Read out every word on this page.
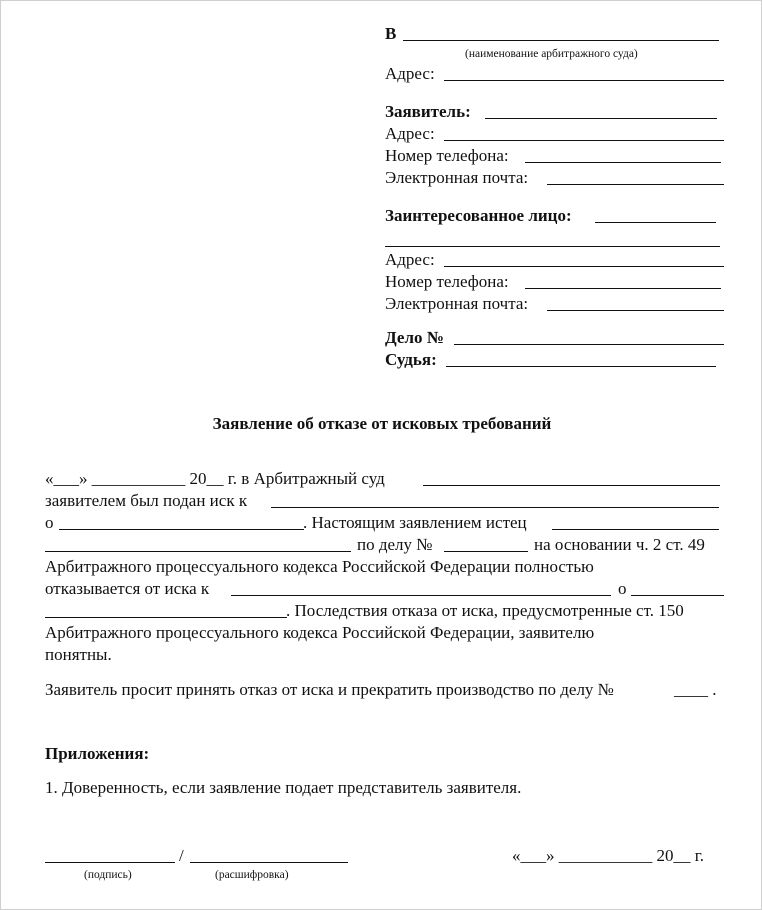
В
(наименование арбитражного суда)
Адрес:
Заявитель:
Адрес:
Номер телефона:
Электронная почта:
Заинтересованное лицо:
Адрес:
Номер телефона:
Электронная почта:
Дело №
Судья:
Заявление об отказе от исковых требований
«___» ___________ 20__ г. в Арбитражный суд
заявителем был подан иск к
о	. Настоящим заявлением истец
по делу №	на основании ч. 2 ст. 49
Арбитражного процессуального кодекса Российской Федерации полностью
отказывается от иска к	о
. Последствия отказа от иска, предусмотренные ст. 150
Арбитражного процессуального кодекса Российской Федерации, заявителю
понятны.
Заявитель просит принять отказ от иска и прекратить производство по делу №	____ .
Приложения:
1. Доверенность, если заявление подает представитель заявителя.
/
(подпись)	(расшифровка)
«___» ___________ 20__ г.
